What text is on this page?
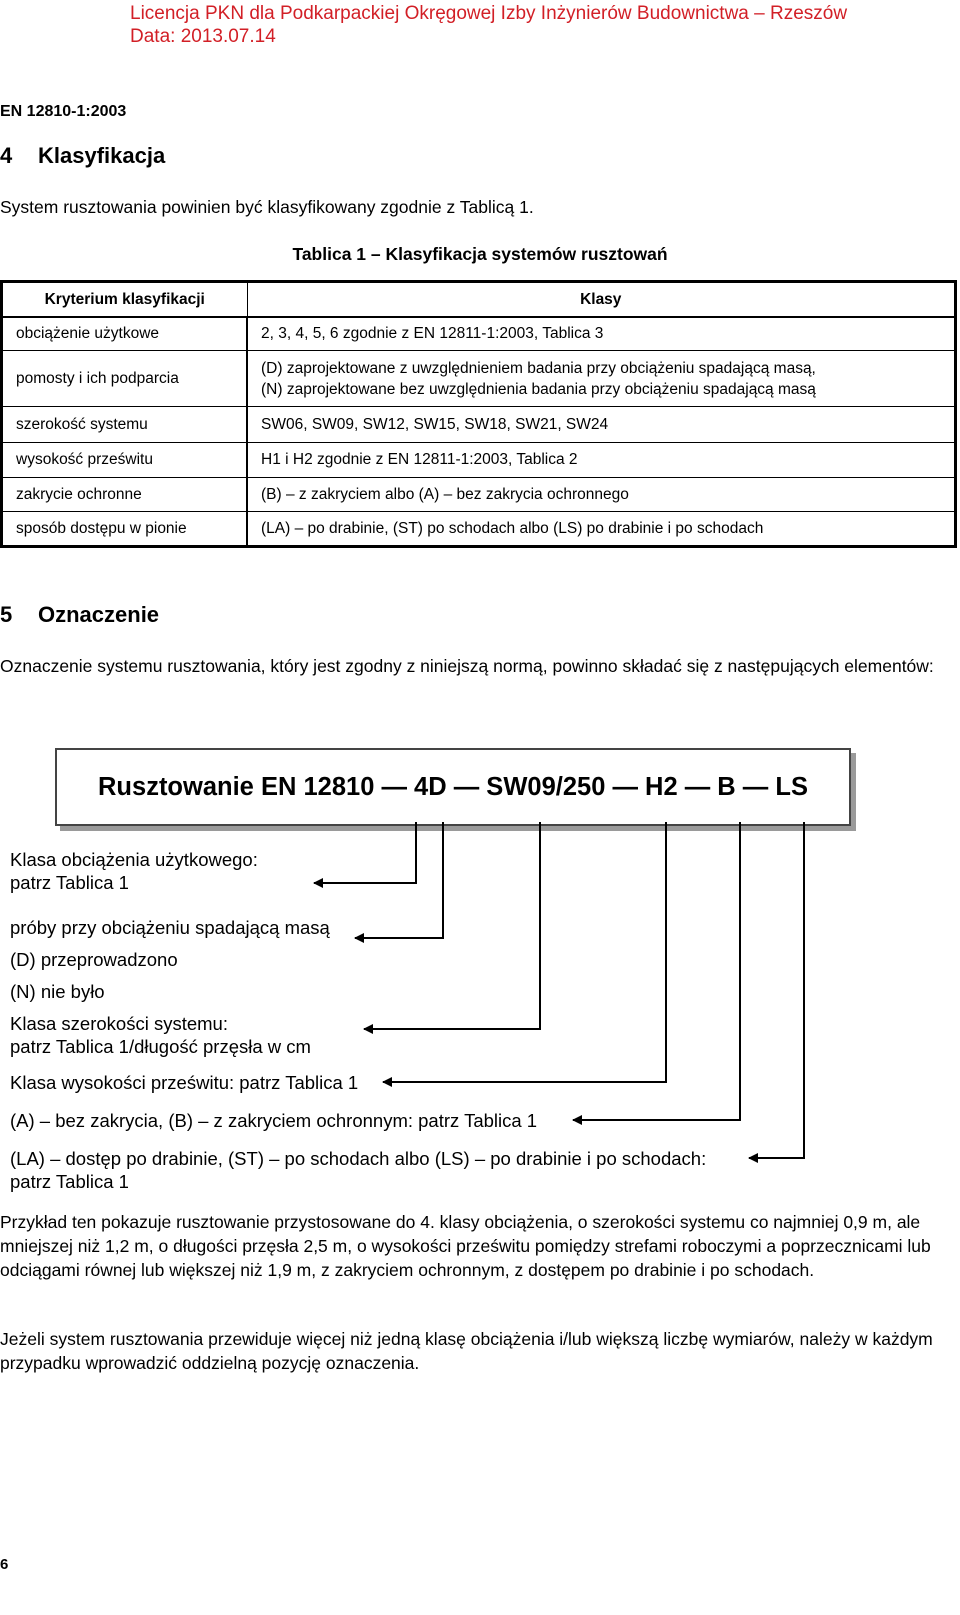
Licencja PKN dla Podkarpackiej Okręgowej Izby Inżynierów Budownictwa – Rzeszów
Data: 2013.07.14
EN 12810-1:2003
4 Klasyfikacja
System rusztowania powinien być klasyfikowany zgodnie z Tablicą 1.
Tablica 1 – Klasyfikacja systemów rusztowań
Kryterium klasyfikacji	Klasy
obciążenie użytkowe	2, 3, 4, 5, 6 zgodnie z EN 12811-1:2003, Tablica 3
pomosty i ich podparcia	(D) zaprojektowane z uwzględnieniem badania przy obciążeniu spadającą masą,
(N) zaprojektowane bez uwzględnienia badania przy obciążeniu spadającą masą

szerokość systemu	SW06, SW09, SW12, SW15, SW18, SW21, SW24
wysokość prześwitu	H1 i H2 zgodnie z EN 12811-1:2003, Tablica 2
zakrycie ochronne	(B) – z zakryciem albo (A) – bez zakrycia ochronnego
sposób dostępu w pionie	(LA) – po drabinie, (ST) po schodach albo (LS) po drabinie i po schodach
5 Oznaczenie
Oznaczenie systemu rusztowania, który jest zgodny z niniejszą normą, powinno składać się z następujących elementów:
Rusztowanie EN 12810 — 4D — SW09/250 — H2 — B — LS
Klasa obciążenia użytkowego:
patrz Tablica 1
próby przy obciążeniu spadającą masą
(D) przeprowadzono
(N) nie było
Klasa szerokości systemu:
patrz Tablica 1/długość przęsła w cm
Klasa wysokości prześwitu: patrz Tablica 1
(A) – bez zakrycia, (B) – z zakryciem ochronnym: patrz Tablica 1
(LA) – dostęp po drabinie, (ST) – po schodach albo (LS) – po drabinie i po schodach:
patrz Tablica 1
Przykład ten pokazuje rusztowanie przystosowane do 4. klasy obciążenia, o szerokości systemu co najmniej 0,9 m, ale mniejszej niż 1,2 m, o długości przęsła 2,5 m, o wysokości prześwitu pomiędzy strefami roboczymi a poprzecznicami lub odciągami równej lub większej niż 1,9 m, z zakryciem ochronnym, z dostępem po drabinie i po schodach.
Jeżeli system rusztowania przewiduje więcej niż jedną klasę obciążenia i/lub większą liczbę wymiarów, należy w każdym przypadku wprowadzić oddzielną pozycję oznaczenia.
6
